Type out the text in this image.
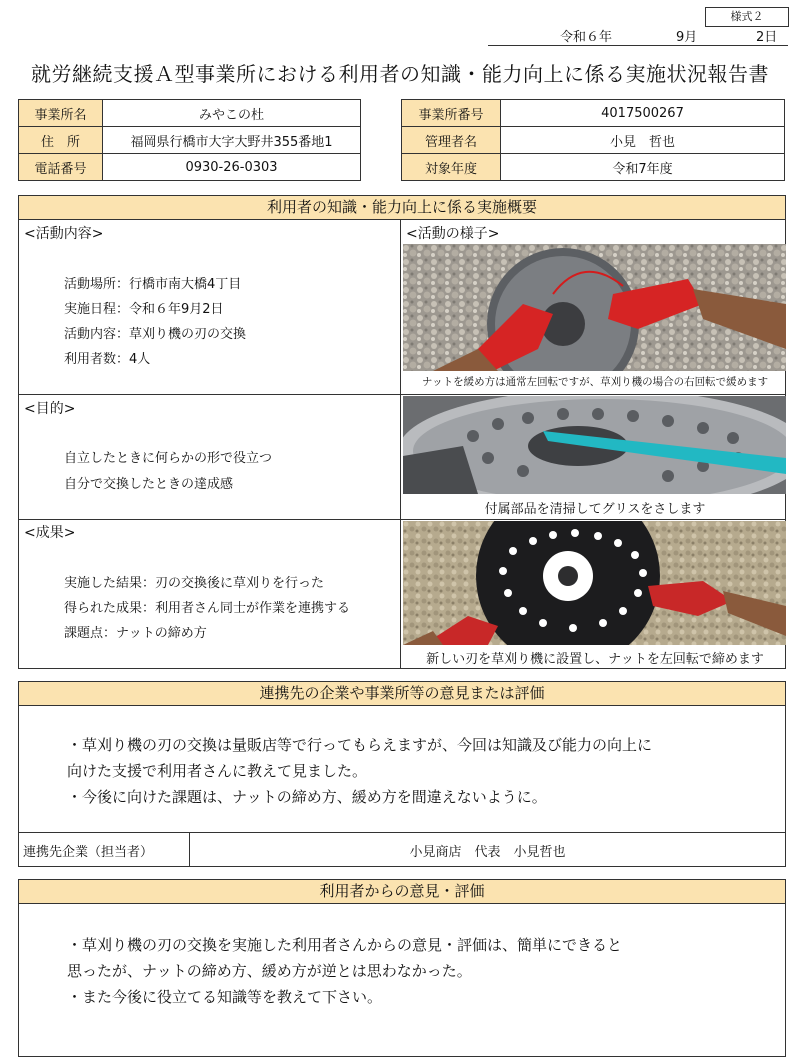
様式２
令和６年	9月	2日
就労継続支援Ａ型事業所における利用者の知識・能力向上に係る実施状況報告書
事業所名	みやこの杜
住　所	福岡県行橋市大字大野井355番地1
電話番号	0930-26-0303
事業所番号	4017500267
管理者名	小見　哲也
対象年度	令和7年度
利用者の知識・能力向上に係る実施概要
<活動内容>
活動場所：行橋市南大橋4丁目
実施日程：令和６年9月2日
活動内容：草刈り機の刃の交換
利用者数：4人
<目的>
自立したときに何らかの形で役立つ
自分で交換したときの達成感
<成果>
実施した結果：刃の交換後に草刈りを行った
得られた成果：利用者さん同士が作業を連携する
課題点：ナットの締め方
<活動の様子>
ナットを緩め方は通常左回転ですが、草刈り機の場合の右回転で緩めます
付属部品を清掃してグリスをさします
新しい刃を草刈り機に設置し、ナットを左回転で締めます
連携先の企業や事業所等の意見または評価
・草刈り機の刃の交換は量販店等で行ってもらえますが、今回は知識及び能力の向上に
向けた支援で利用者さんに教えて見ました。
・今後に向けた課題は、ナットの締め方、緩め方を間違えないように。
連携先企業（担当者）	小見商店　代表　小見哲也
利用者からの意見・評価
・草刈り機の刃の交換を実施した利用者さんからの意見・評価は、簡単にできると
思ったが、ナットの締め方、緩め方が逆とは思わなかった。
・また今後に役立てる知識等を教えて下さい。
